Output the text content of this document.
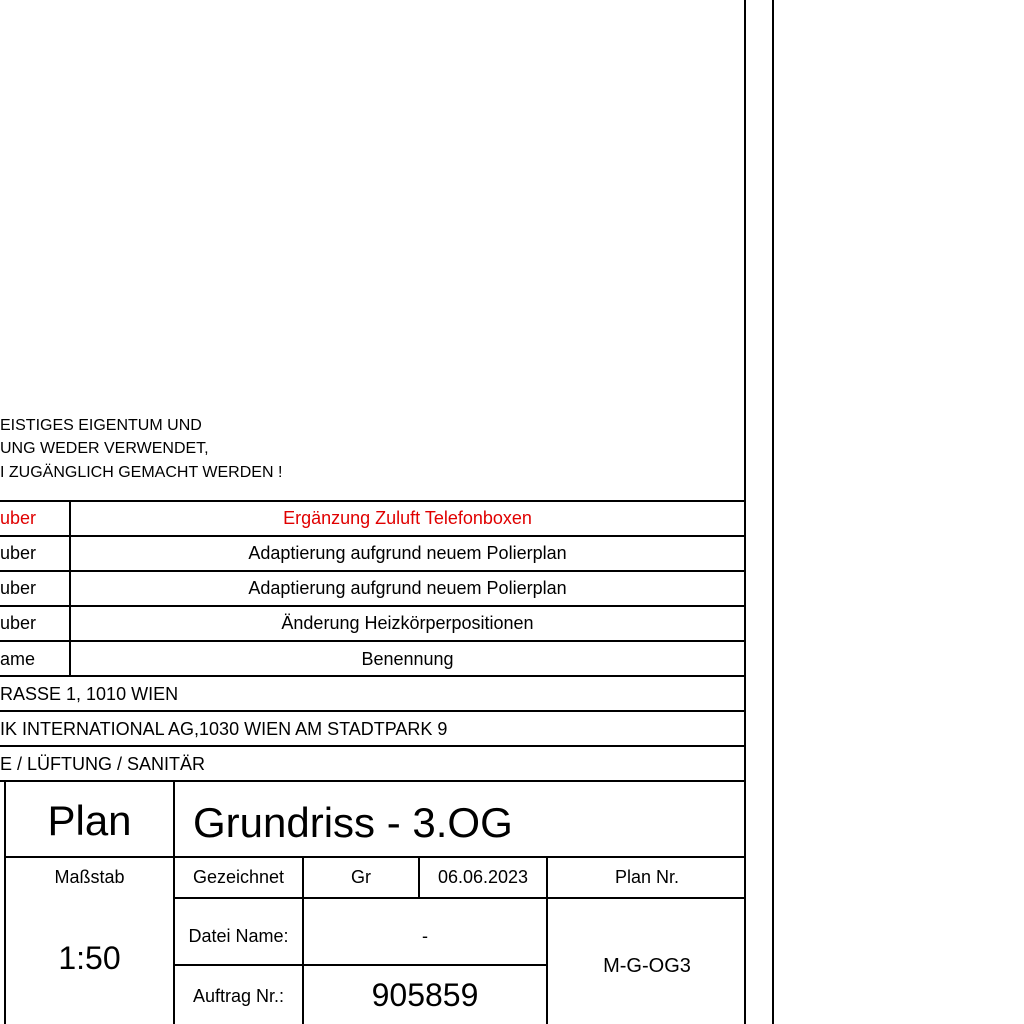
EISTIGES EIGENTUM UND
UNG WEDER VERWENDET,
I ZUGÄNGLICH GEMACHT WERDEN !
uber	Ergänzung Zuluft Telefonboxen
uber	Adaptierung aufgrund neuem Polierplan
uber	Adaptierung aufgrund neuem Polierplan
uber	Änderung Heizkörperpositionen
ame	Benennung
RASSE 1, 1010 WIEN
IK INTERNATIONAL AG,1030 WIEN AM STADTPARK 9
E / LÜFTUNG / SANITÄR
Plan	Grundriss - 3.OG
Maßstab
1:50
Gezeichnet	Gr	06.06.2023	Plan Nr.
Datei Name:	-
Auftrag Nr.:	905859
M-G-OG3
